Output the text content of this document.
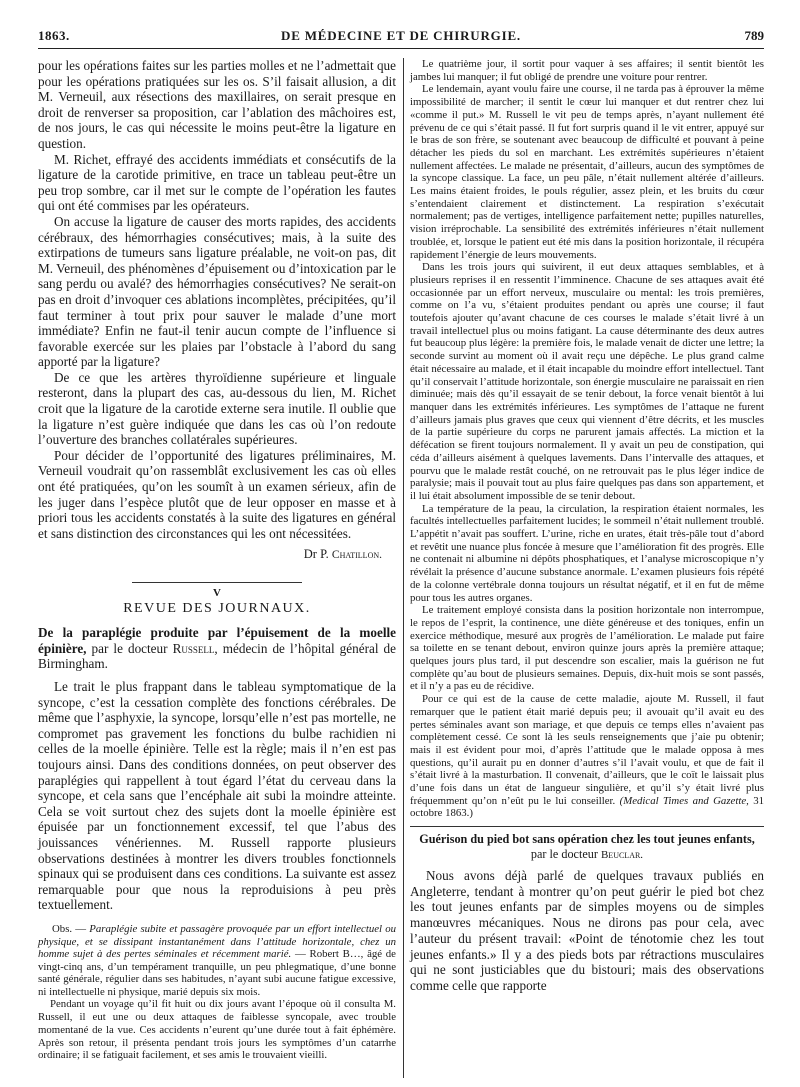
1863.	DE MÉDECINE ET DE CHIRURGIE.	789

pour les opérations faites sur les parties molles et ne l’admettait que pour les opérations pratiquées sur les os. S’il faisait allusion, a dit M. Verneuil, aux résections des maxillaires, on serait presque en droit de renverser sa proposition, car l’ablation des mâchoires est, de nos jours, le cas qui nécessite le moins peut-être la ligature en question.

M. Richet, effrayé des accidents immédiats et consécutifs de la ligature de la carotide primitive, en trace un tableau peut-être un peu trop sombre, car il met sur le compte de l’opération les fautes qui ont été commises par les opérateurs.

On accuse la ligature de causer des morts rapides, des accidents cérébraux, des hémorrhagies consécutives; mais, à la suite des extirpations de tumeurs sans ligature préalable, ne voit-on pas, dit M. Verneuil, des phénomènes d’épuisement ou d’intoxication par le sang perdu ou avalé? des hémorrhagies consécutives? Ne serait-on pas en droit d’invoquer ces ablations incomplètes, précipitées, qu’il faut terminer à tout prix pour sauver le malade d’une mort immédiate? Enfin ne faut-il tenir aucun compte de l’influence si favorable exercée sur les plaies par l’obstacle à l’abord du sang apporté par la ligature?

De ce que les artères thyroïdienne supérieure et linguale resteront, dans la plupart des cas, au-dessous du lien, M. Richet croit que la ligature de la carotide externe sera inutile. Il oublie que la ligature n’est guère indiquée que dans les cas où l’on redoute l’ouverture des branches collatérales supérieures.

Pour décider de l’opportunité des ligatures préliminaires, M. Verneuil voudrait qu’on rassemblât exclusivement les cas où elles ont été pratiquées, qu’on les soumît à un examen sérieux, afin de les juger dans l’espèce plutôt que de leur opposer en masse et à priori tous les accidents constatés à la suite des ligatures en général et sans distinction des circonstances qui les ont nécessitées.

Dr P. Chatillon.

V

REVUE DES JOURNAUX.

De la paraplégie produite par l’épuisement de la moelle épinière, par le docteur Russell, médecin de l’hôpital général de Birmingham.

Le trait le plus frappant dans le tableau symptomatique de la syncope, c’est la cessation complète des fonctions cérébrales. De même que l’asphyxie, la syncope, lorsqu’elle n’est pas mortelle, ne compromet pas gravement les fonctions du bulbe rachidien ni celles de la moelle épinière. Telle est la règle; mais il n’en est pas toujours ainsi. Dans des conditions données, on peut observer des paraplégies qui rappellent à tout égard l’état du cerveau dans la syncope, et cela sans que l’encéphale ait subi la moindre atteinte. Cela se voit surtout chez des sujets dont la moelle épinière est épuisée par un fonctionnement excessif, tel que l’abus des jouissances vénériennes. M. Russell rapporte plusieurs observations destinées à montrer les divers troubles fonctionnels spinaux qui se produisent dans ces conditions. La suivante est assez remarquable pour que nous la reproduisions à peu près textuellement.

Obs. — Paraplégie subite et passagère provoquée par un effort intellectuel ou physique, et se dissipant instantanément dans l’attitude horizontale, chez un homme sujet à des pertes séminales et récemment marié. — Robert B…, âgé de vingt-cinq ans, d’un tempérament tranquille, un peu phlegmatique, d’une bonne santé générale, régulier dans ses habitudes, n’ayant subi aucune fatigue excessive, ni intellectuelle ni physique, marié depuis six mois.

Pendant un voyage qu’il fit huit ou dix jours avant l’époque où il consulta M. Russell, il eut une ou deux attaques de faiblesse syncopale, avec trouble momentané de la vue. Ces accidents n’eurent qu’une durée tout à fait éphémère. Après son retour, il présenta pendant trois jours les symptômes d’un catarrhe ordinaire; il se fatiguait facilement, et ses amis le trouvaient vieilli.

Le quatrième jour, il sortit pour vaquer à ses affaires; il sentit bientôt les jambes lui manquer; il fut obligé de prendre une voiture pour rentrer.

Le lendemain, ayant voulu faire une course, il ne tarda pas à éprouver la même impossibilité de marcher; il sentit le cœur lui manquer et dut rentrer chez lui «comme il put.» M. Russell le vit peu de temps après, n’ayant nullement été prévenu de ce qui s’était passé. Il fut fort surpris quand il le vit entrer, appuyé sur le bras de son frère, se soutenant avec beaucoup de difficulté et pouvant à peine détacher les pieds du sol en marchant. Les extrémités supérieures n’étaient nullement affectées. Le malade ne présentait, d’ailleurs, aucun des symptômes de la syncope classique. La face, un peu pâle, n’était nullement altérée d’ailleurs. Les mains étaient froides, le pouls régulier, assez plein, et les bruits du cœur s’entendaient clairement et distinctement. La respiration s’exécutait normalement; pas de vertiges, intelligence parfaitement nette; pupilles naturelles, vision irréprochable. La sensibilité des extrémités inférieures n’était nullement troublée, et, lorsque le patient eut été mis dans la position horizontale, il récupéra rapidement l’énergie de leurs mouvements.

Dans les trois jours qui suivirent, il eut deux attaques semblables, et à plusieurs reprises il en ressentit l’imminence. Chacune de ses attaques avait été occasionnée par un effort nerveux, musculaire ou mental: les trois premières, comme on l’a vu, s’étaient produites pendant ou après une course; il faut toutefois ajouter qu’avant chacune de ces courses le malade s’était livré à un travail intellectuel plus ou moins fatigant. La cause déterminante des deux autres fut beaucoup plus légère: la première fois, le malade venait de dicter une lettre; la seconde survint au moment où il avait reçu une dépêche. Le plus grand calme était nécessaire au malade, et il était incapable du moindre effort intellectuel. Tant qu’il conservait l’attitude horizontale, son énergie musculaire ne paraissait en rien diminuée; mais dès qu’il essayait de se tenir debout, la force venait bientôt à lui manquer dans les extrémités inférieures. Les symptômes de l’attaque ne furent d’ailleurs jamais plus graves que ceux qui viennent d’être décrits, et les muscles de la partie supérieure du corps ne parurent jamais affectés. La miction et la défécation se firent toujours normalement. Il y avait un peu de constipation, qui céda d’ailleurs aisément à quelques lavements. Dans l’intervalle des attaques, et pourvu que le malade restât couché, on ne retrouvait pas le plus léger indice de paralysie; mais il pouvait tout au plus faire quelques pas dans son appartement, et il lui était absolument impossible de se tenir debout.

La température de la peau, la circulation, la respiration étaient normales, les facultés intellectuelles parfaitement lucides; le sommeil n’était nullement troublé. L’appétit n’avait pas souffert. L’urine, riche en urates, était très-pâle tout d’abord et revêtit une nuance plus foncée à mesure que l’amélioration fit des progrès. Elle ne contenait ni albumine ni dépôts phosphatiques, et l’analyse microscopique n’y révélait la présence d’aucune substance anormale. L’examen plusieurs fois répété de la colonne vertébrale donna toujours un résultat négatif, et il en fut de même pour tous les autres organes.

Le traitement employé consista dans la position horizontale non interrompue, le repos de l’esprit, la continence, une diète généreuse et des toniques, enfin un exercice méthodique, mesuré aux progrès de l’amélioration. Le malade put faire sa toilette en se tenant debout, environ quinze jours après la première attaque; quelques jours plus tard, il put descendre son escalier, mais la guérison ne fut complète qu’au bout de plusieurs semaines. Depuis, dix-huit mois se sont passés, et il n’y a pas eu de récidive.

Pour ce qui est de la cause de cette maladie, ajoute M. Russell, il faut remarquer que le patient était marié depuis peu; il avouait qu’il avait eu des pertes séminales avant son mariage, et que depuis ce temps elles n’avaient pas complètement cessé. Ce sont là les seuls renseignements que j’aie pu obtenir; mais il est évident pour moi, d’après l’attitude que le malade opposa à mes questions, qu’il aurait pu en donner d’autres s’il l’avait voulu, et que de fait il s’était livré à la masturbation. Il convenait, d’ailleurs, que le coït le laissait plus d’une fois dans un état de langueur singulière, et qu’il s’y était livré plus fréquemment qu’on n’eût pu le lui conseiller. (Medical Times and Gazette, 31 octobre 1863.)

Guérison du pied bot sans opération chez les tout jeunes enfants, par le docteur Beuclar.

Nous avons déjà parlé de quelques travaux publiés en Angleterre, tendant à montrer qu’on peut guérir le pied bot chez les tout jeunes enfants par de simples moyens ou de simples manœuvres mécaniques. Nous ne dirons pas pour cela, avec l’auteur du présent travail: «Point de ténotomie chez les tout jeunes enfants.» Il y a des pieds bots par rétractions musculaires qui ne sont justiciables que du bistouri; mais des observations comme celle que rapporte
